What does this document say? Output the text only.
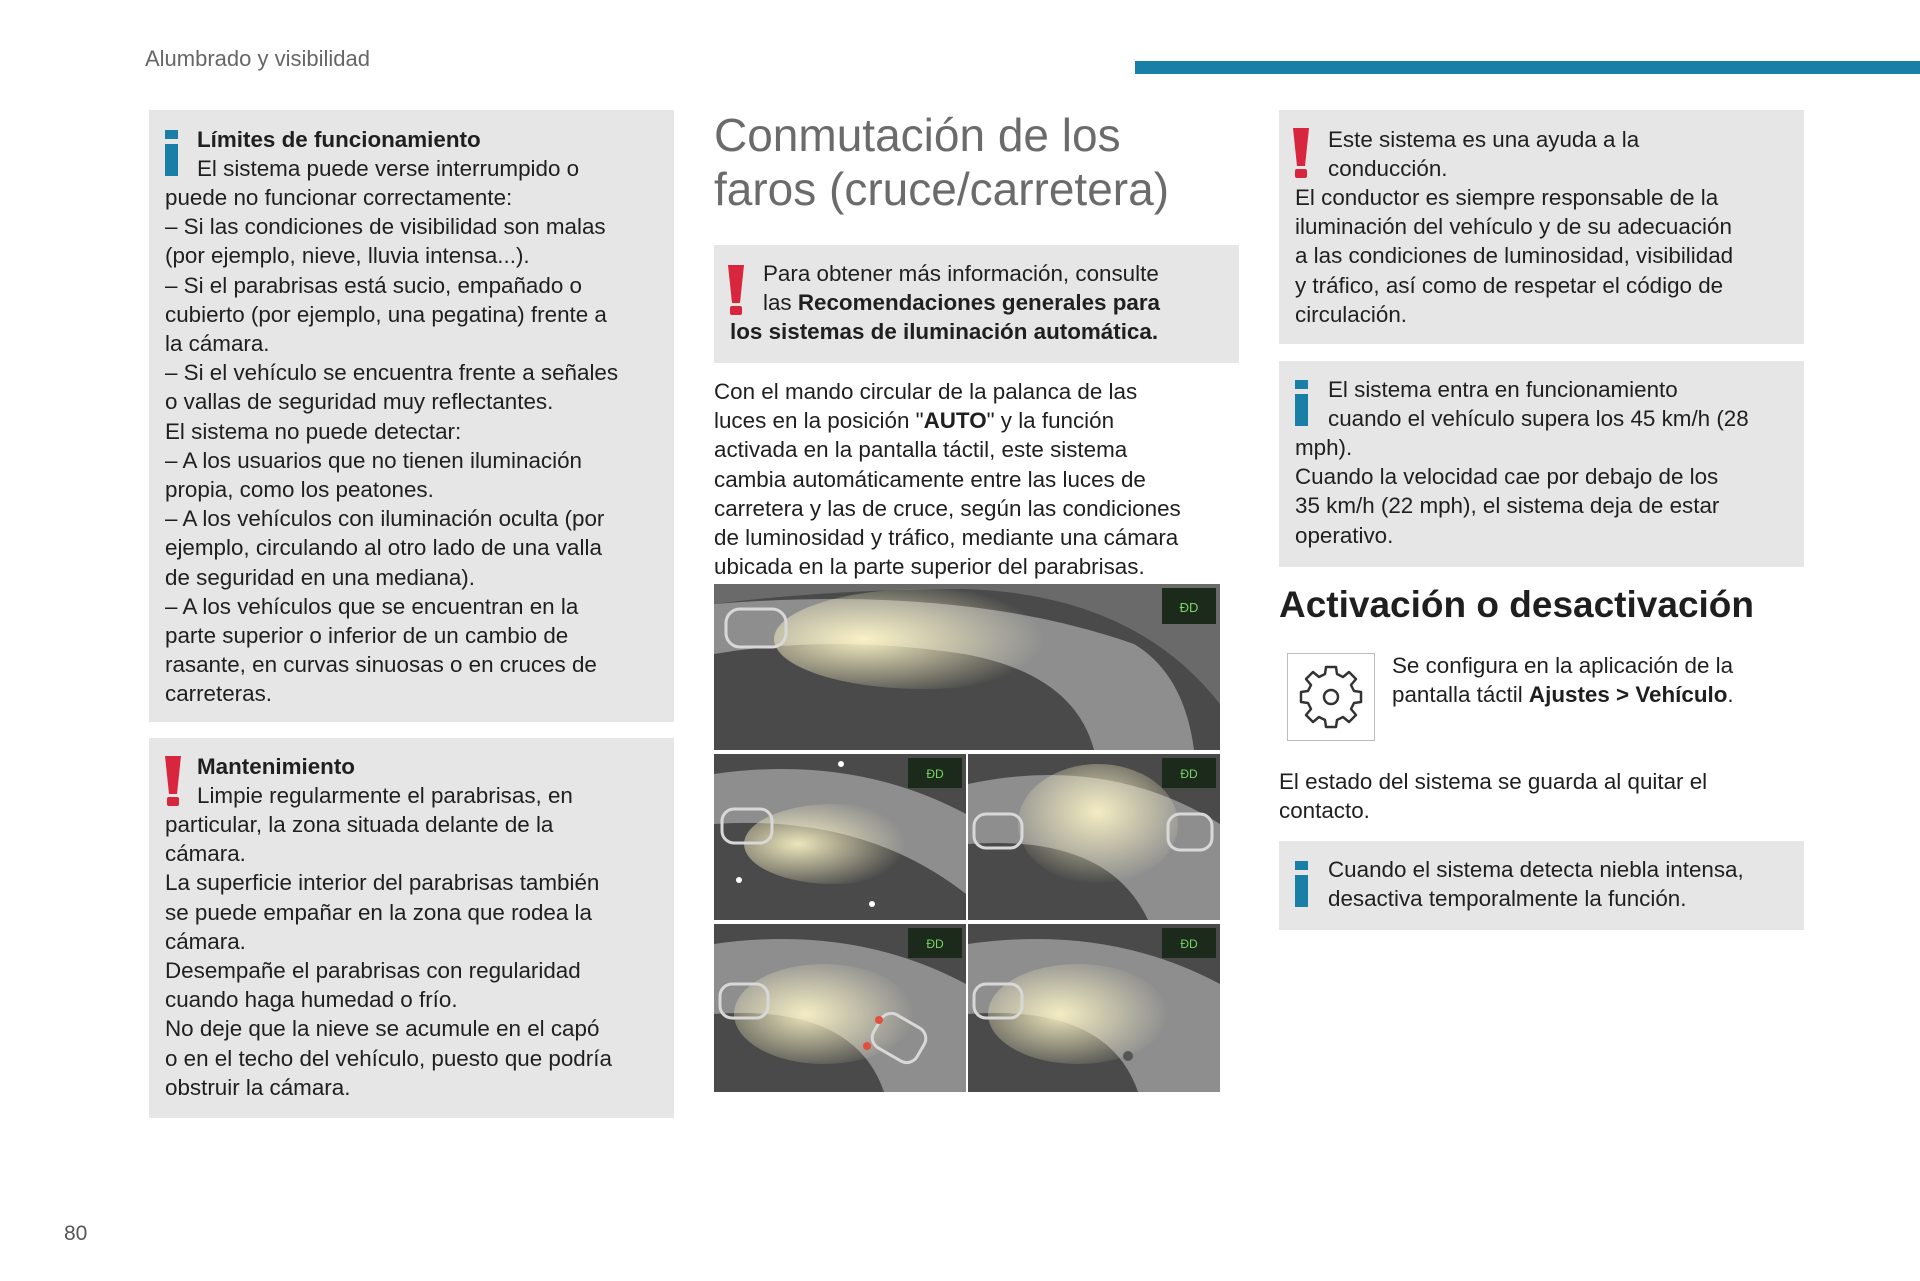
Alumbrado y visibilidad

Límites de funcionamiento

El sistema puede verse interrumpido o

puede no funcionar correctamente:
– Si las condiciones de visibilidad son malas
(por ejemplo, nieve, lluvia intensa...).
– Si el parabrisas está sucio, empañado o
cubierto (por ejemplo, una pegatina) frente a
la cámara.
– Si el vehículo se encuentra frente a señales
o vallas de seguridad muy reflectantes.
El sistema no puede detectar:
– A los usuarios que no tienen iluminación
propia, como los peatones.
– A los vehículos con iluminación oculta (por
ejemplo, circulando al otro lado de una valla
de seguridad en una mediana).
– A los vehículos que se encuentran en la
parte superior o inferior de un cambio de
rasante, en curvas sinuosas o en cruces de
carreteras.

Mantenimiento

Limpie regularmente el parabrisas, en

particular, la zona situada delante de la
cámara.
La superficie interior del parabrisas también
se puede empañar en la zona que rodea la
cámara.
Desempañe el parabrisas con regularidad
cuando haga humedad o frío.
No deje que la nieve se acumule en el capó
o en el techo del vehículo, puesto que podría
obstruir la cámara.

Conmutación de los faros (cruce/carretera)

Para obtener más información, consulte

las Recomendaciones generales para

los sistemas de iluminación automática.

Con el mando circular de la palanca de las
luces en la posición "AUTO" y la función
activada en la pantalla táctil, este sistema
cambia automáticamente entre las luces de
carretera y las de cruce, según las condiciones
de luminosidad y tráfico, mediante una cámara
ubicada en la parte superior del parabrisas.

ÐD
ÐD	ÐD
ÐD	ÐD

Este sistema es una ayuda a la
conducción.

El conductor es siempre responsable de la
iluminación del vehículo y de su adecuación
a las condiciones de luminosidad, visibilidad
y tráfico, así como de respetar el código de
circulación.

El sistema entra en funcionamiento
cuando el vehículo supera los 45 km/h (28

mph).
Cuando la velocidad cae por debajo de los
35 km/h (22 mph), el sistema deja de estar
operativo.

Activación o desactivación

Se configura en la aplicación de la
pantalla táctil Ajustes > Vehículo.

El estado del sistema se guarda al quitar el
contacto.

Cuando el sistema detecta niebla intensa,
desactiva temporalmente la función.

80
